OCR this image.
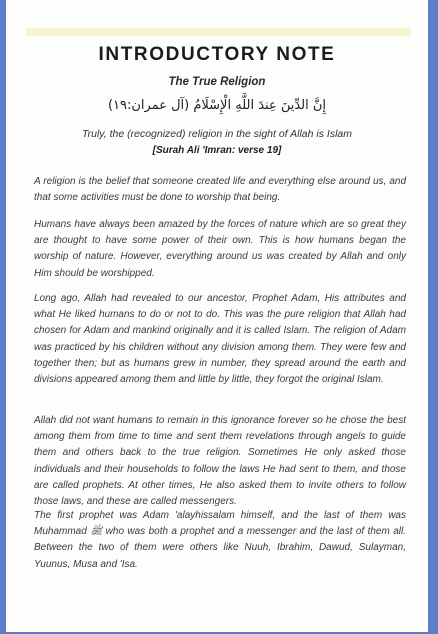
INTRODUCTORY NOTE
The True Religion
إِنَّ الدِّينَ عِندَ اللَّهِ الْإِسْلَامُ (آل عمران:١٩)
Truly, the (recognized) religion in the sight of Allah is Islam
[Surah Ali 'Imran: verse 19]

A religion is the belief that someone created life and everything else around us, and that some activities must be done to worship that being.

Humans have always been amazed by the forces of nature which are so great they are thought to have some power of their own. This is how humans began the worship of nature. However, everything around us was created by Allah and only Him should be worshipped.

Long ago, Allah had revealed to our ancestor, Prophet Adam, His attributes and what He liked humans to do or not to do. This was the pure religion that Allah had chosen for Adam and mankind originally and it is called Islam. The religion of Adam was practiced by his children without any division among them. They were few and together then; but as humans grew in number, they spread around the earth and divisions appeared among them and little by little, they forgot the original Islam.

Allah did not want humans to remain in this ignorance forever so he chose the best among them from time to time and sent them revelations through angels to guide them and others back to the true religion. Sometimes He only asked those individuals and their households to follow the laws He had sent to them, and those are called prophets. At other times, He also asked them to invite others to follow those laws, and these are called messengers.

The first prophet was Adam 'alayhissalam himself, and the last of them was Muhammad ﷺ who was both a prophet and a messenger and the last of them all. Between the two of them were others like Nuuh, Ibrahim, Dawud, Sulayman, Yuunus, Musa and 'Isa.
